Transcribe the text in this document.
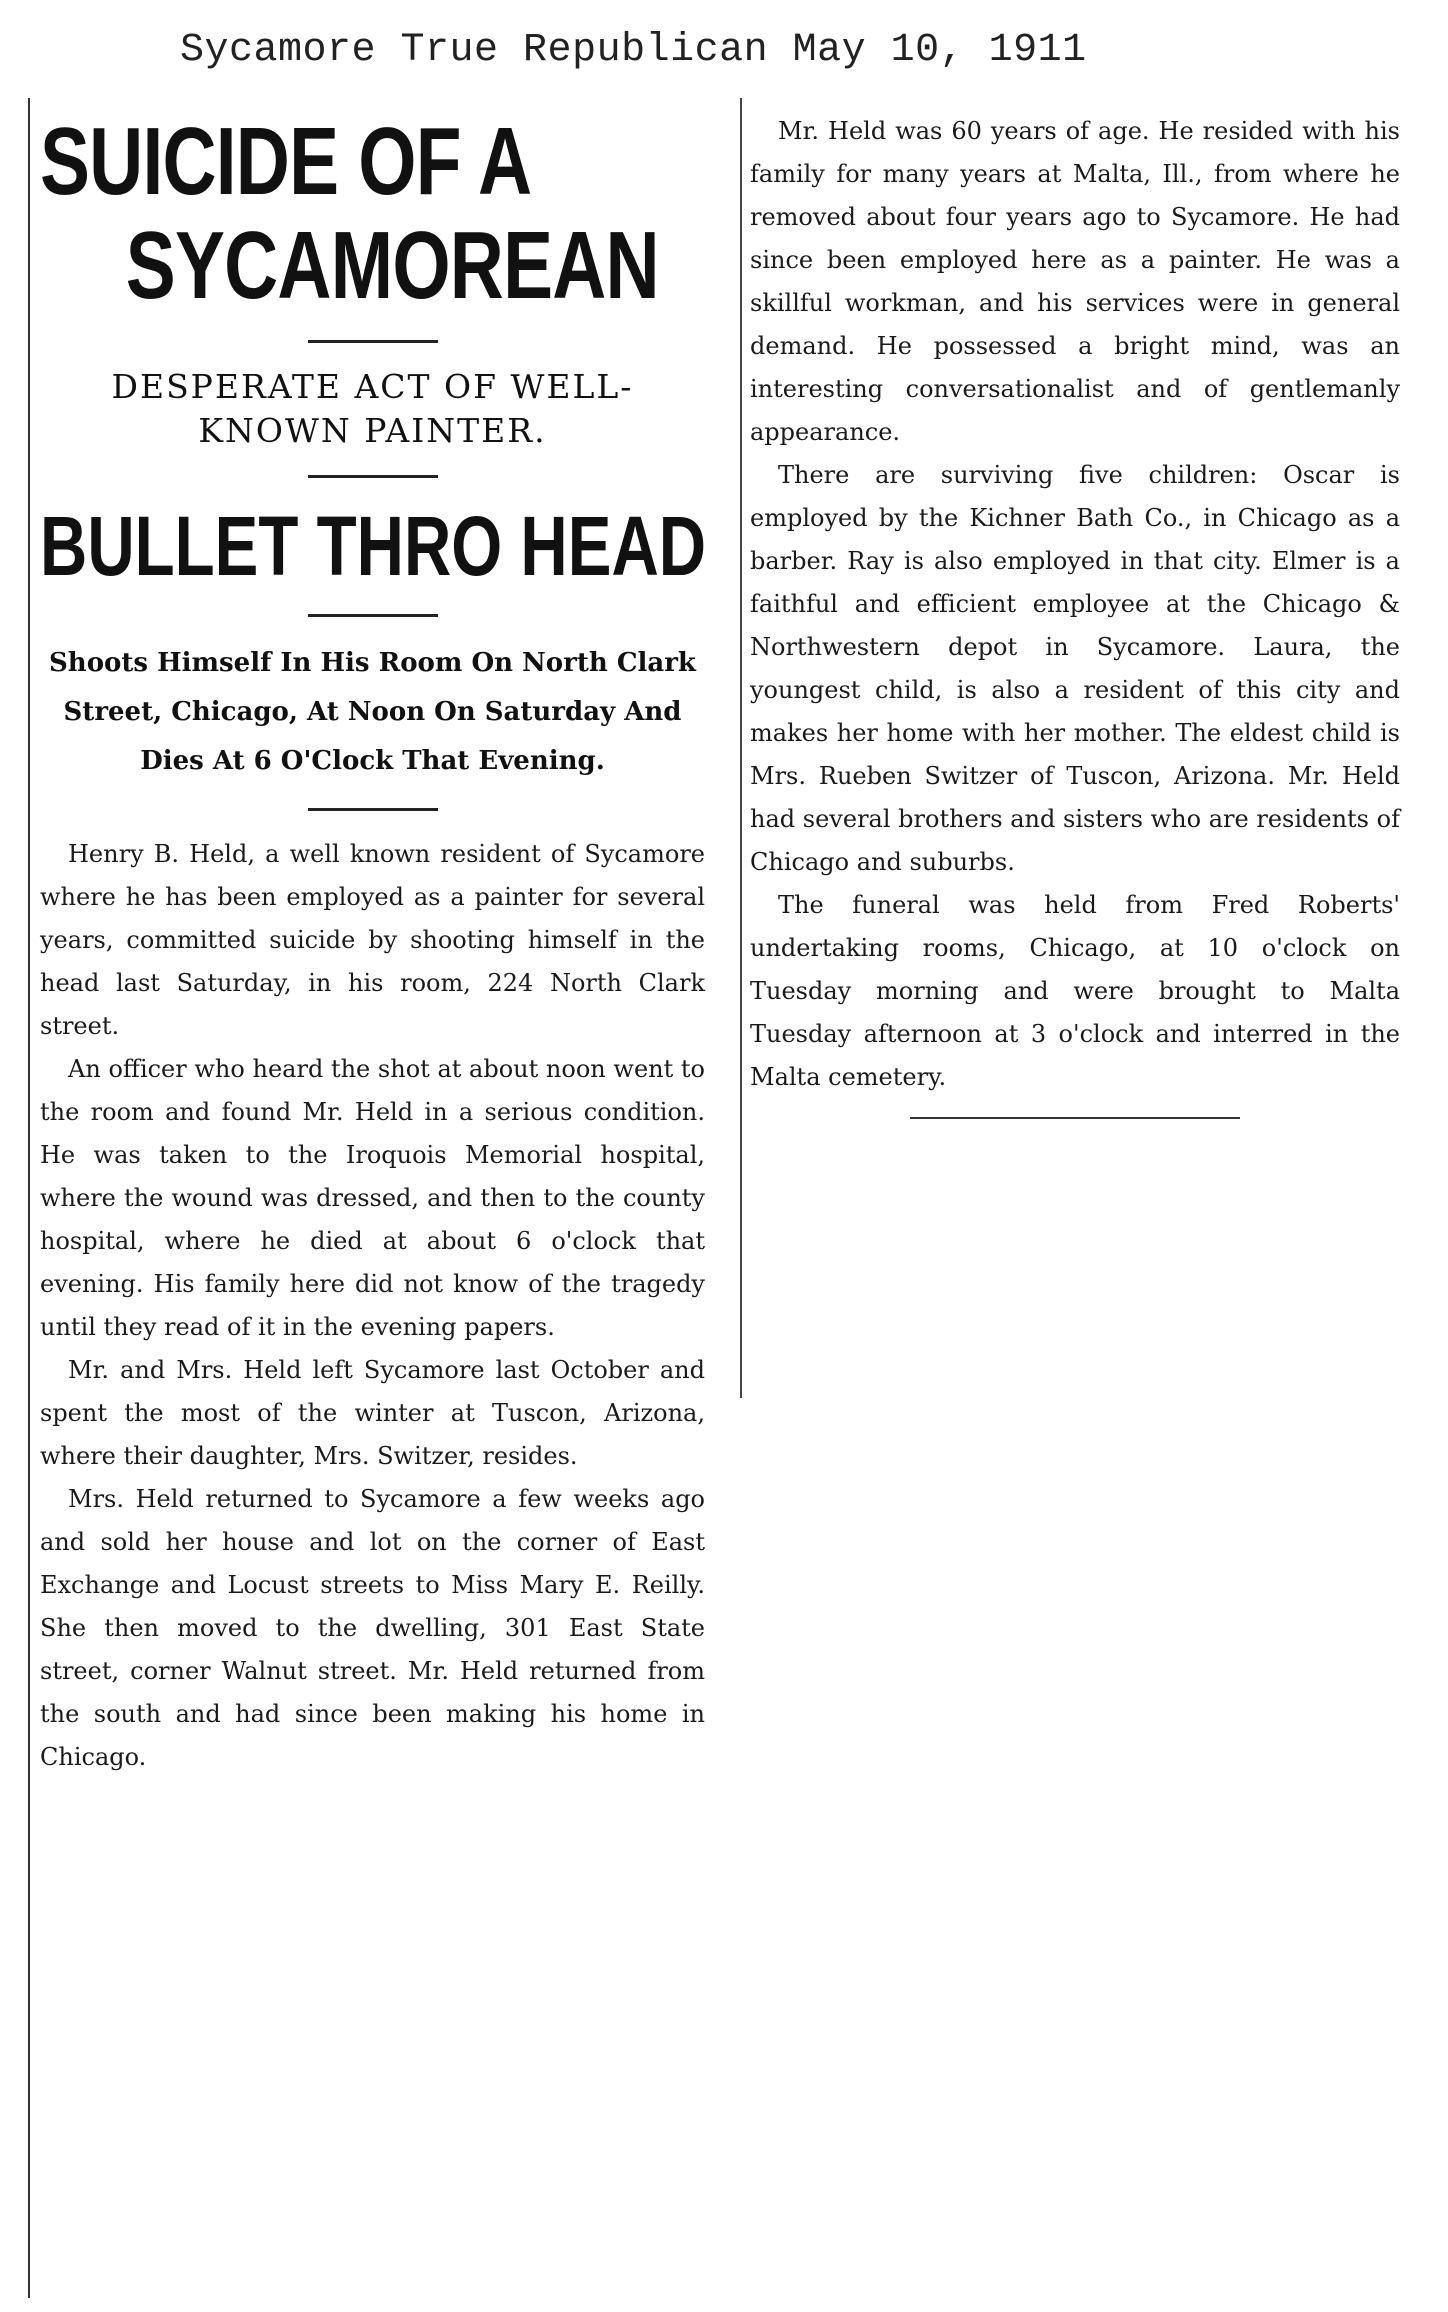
Sycamore True Republican May 10, 1911
SUICIDE OF A
SYCAMOREAN
DESPERATE ACT OF WELL-KNOWN PAINTER.
BULLET THRO HEAD
Shoots Himself In His Room On North Clark Street, Chicago, At Noon On Saturday And Dies At 6 O'Clock That Evening.

Henry B. Held, a well known resident of Sycamore where he has been employed as a painter for several years, committed suicide by shooting himself in the head last Saturday, in his room, 224 North Clark street.

An officer who heard the shot at about noon went to the room and found Mr. Held in a serious condition. He was taken to the Iroquois Memorial hospital, where the wound was dressed, and then to the county hospital, where he died at about 6 o'clock that evening. His family here did not know of the tragedy until they read of it in the evening papers.

Mr. and Mrs. Held left Sycamore last October and spent the most of the winter at Tuscon, Arizona, where their daughter, Mrs. Switzer, resides.

Mrs. Held returned to Sycamore a few weeks ago and sold her house and lot on the corner of East Exchange and Locust streets to Miss Mary E. Reilly. She then moved to the dwelling, 301 East State street, corner Walnut street. Mr. Held returned from the south and had since been making his home in Chicago.

Mr. Held was 60 years of age. He resided with his family for many years at Malta, Ill., from where he removed about four years ago to Sycamore. He had since been employed here as a painter. He was a skillful workman, and his services were in general demand. He possessed a bright mind, was an interesting conversationalist and of gentlemanly appearance.

There are surviving five children: Oscar is employed by the Kichner Bath Co., in Chicago as a barber. Ray is also employed in that city. Elmer is a faithful and efficient employee at the Chicago & Northwestern depot in Sycamore. Laura, the youngest child, is also a resident of this city and makes her home with her mother. The eldest child is Mrs. Rueben Switzer of Tuscon, Arizona. Mr. Held had several brothers and sisters who are residents of Chicago and suburbs.

The funeral was held from Fred Roberts' undertaking rooms, Chicago, at 10 o'clock on Tuesday morning and were brought to Malta Tuesday afternoon at 3 o'clock and interred in the Malta cemetery.
